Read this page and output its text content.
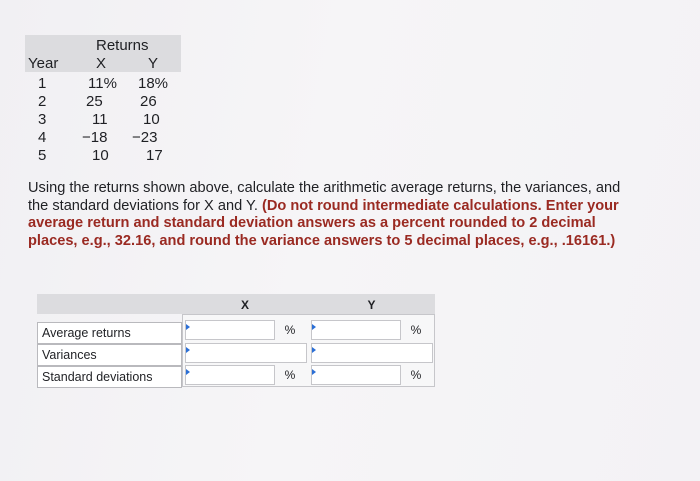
Returns
Year	X	Y
1	11% 18%
2	25 26
3	11 10
4 −18 −23
5	10 17

Using the returns shown above, calculate the arithmetic average returns, the variances, and the standard deviations for X and Y. (Do not round intermediate calculations. Enter your average return and standard deviation answers as a percent rounded to 2 decimal places, e.g., 32.16, and round the variance answers to 5 decimal places, e.g., .16161.)

X	Y
Average returns	%	%
Variances
Standard deviations	%	%
